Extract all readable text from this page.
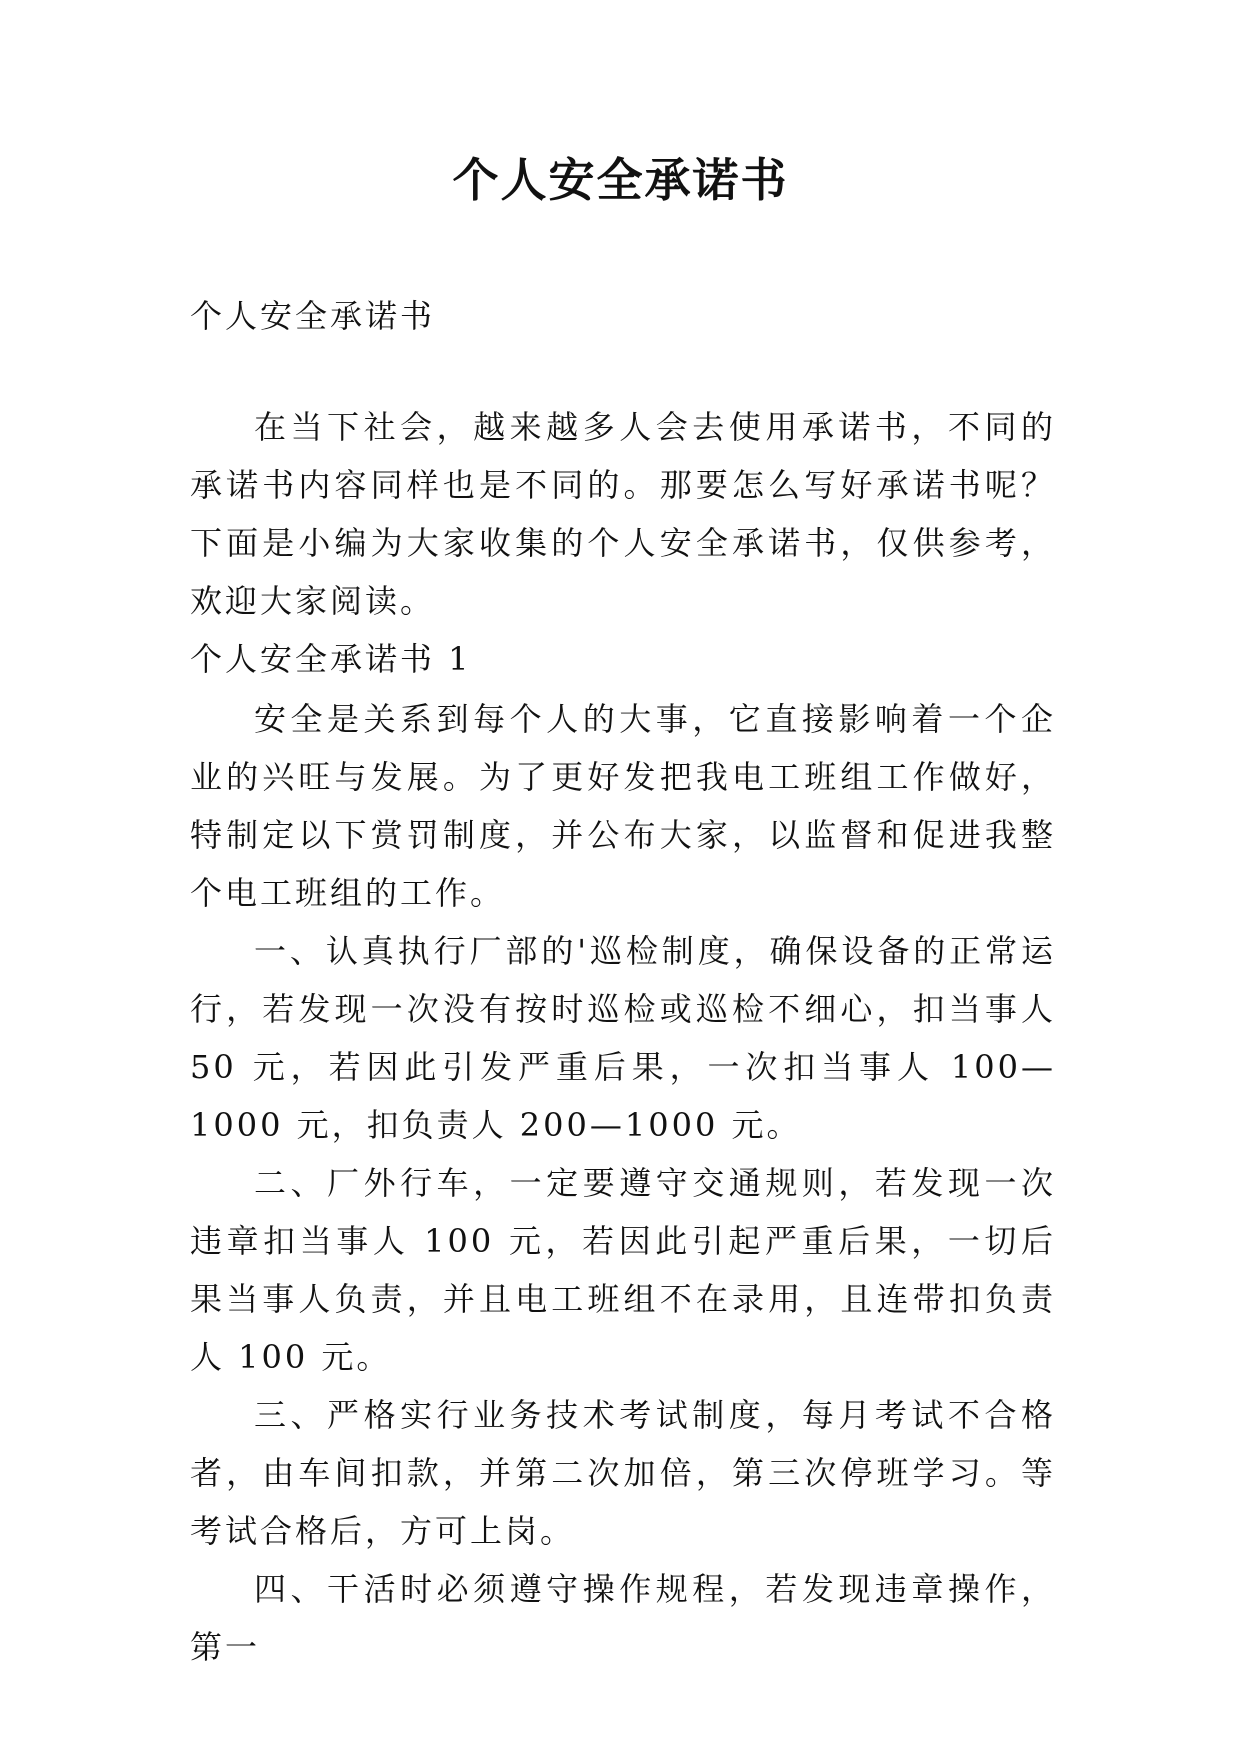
个人安全承诺书

个人安全承诺书

在当下社会，越来越多人会去使用承诺书，不同的承诺书内容同样也是不同的。那要怎么写好承诺书呢？下面是小编为大家收集的个人安全承诺书，仅供参考，欢迎大家阅读。

个人安全承诺书 1

安全是关系到每个人的大事，它直接影响着一个企业的兴旺与发展。为了更好发把我电工班组工作做好，特制定以下赏罚制度，并公布大家，以监督和促进我整个电工班组的工作。

一、认真执行厂部的'巡检制度，确保设备的正常运行，若发现一次没有按时巡检或巡检不细心，扣当事人 50 元，若因此引发严重后果，一次扣当事人 100—1000 元，扣负责人 200—1000 元。

二、厂外行车，一定要遵守交通规则，若发现一次违章扣当事人 100 元，若因此引起严重后果，一切后果当事人负责，并且电工班组不在录用，且连带扣负责人 100 元。

三、严格实行业务技术考试制度，每月考试不合格者，由车间扣款，并第二次加倍，第三次停班学习。等考试合格后，方可上岗。

四、干活时必须遵守操作规程，若发现违章操作，第一
